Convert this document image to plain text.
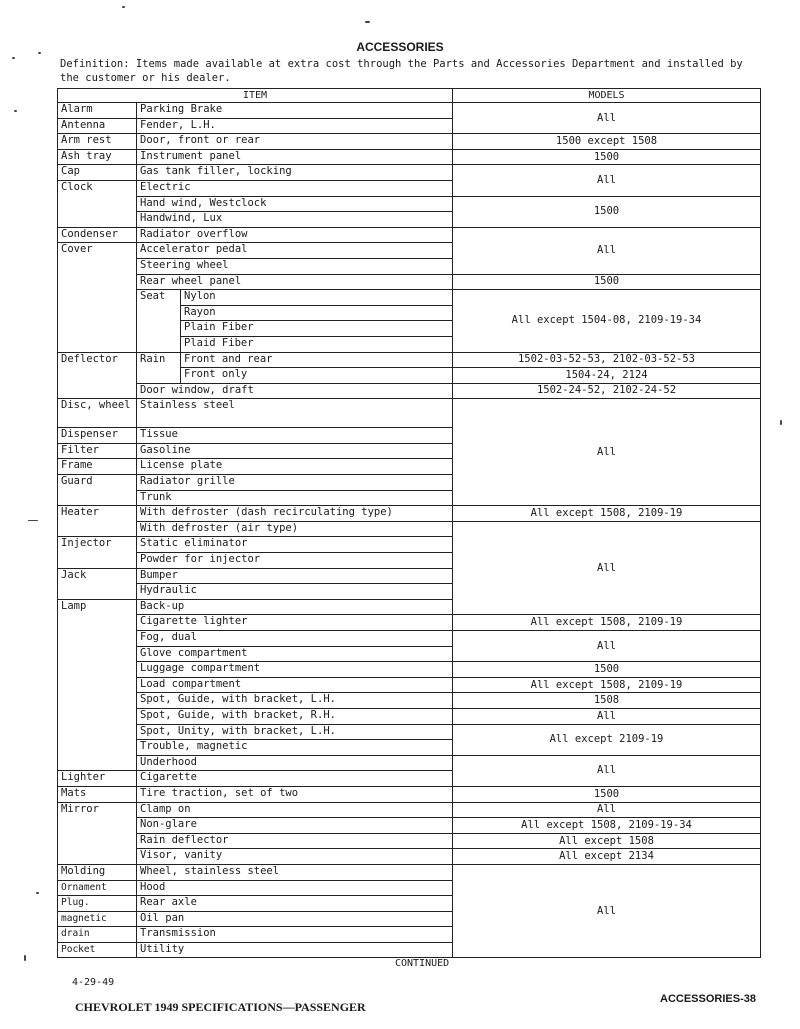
ACCESSORIES
Definition: Items made available at extra cost through the Parts and Accessories Department and installed by the customer or his dealer.
ITEM			MODELS
Alarm	Parking Brake		All
Antenna	Fender, L.H.		
Arm rest	Door, front or rear		1500 except 1508
Ash tray	Instrument panel		1500
Cap	Gas tank filler, locking		All
Clock	Electric		
	Hand wind, Westclock		1500
	Handwind, Lux		
Condenser	Radiator overflow		All
Cover	Accelerator pedal		
	Steering wheel		
	Rear wheel panel		1500
	Seat	Nylon	All except 1504-08, 2109-19-34
		Rayon	
		Plain Fiber	
		Plaid Fiber	
Deflector	Rain	Front and rear	1502-03-52-53, 2102-03-52-53
		Front only	1504-24, 2124
	Door window, draft		1502-24-52, 2102-24-52
Disc, wheel	Stainless steel		All
Dispenser	Tissue		
Filter	Gasoline		
Frame	License plate		
Guard	Radiator grille		
	Trunk		
Heater	With defroster (dash recirculating type)		All except 1508, 2109-19
	With defroster (air type)		All
Injector	Static eliminator		
	Powder for injector		
Jack	Bumper		
	Hydraulic		
Lamp	Back-up		
	Cigarette lighter		All except 1508, 2109-19
	Fog, dual		All
	Glove compartment		
	Luggage compartment		1500
	Load compartment		All except 1508, 2109-19
	Spot, Guide, with bracket, L.H.		1508
	Spot, Guide, with bracket, R.H.		All
	Spot, Unity, with bracket, L.H.		All except 2109-19
	Trouble, magnetic		
	Underhood		All
Lighter	Cigarette		
Mats	Tire traction, set of two		1500
Mirror	Clamp on		All
	Non-glare		All except 1508, 2109-19-34
	Rain deflector		All except 1508
	Visor, vanity		All except 2134
Molding	Wheel, stainless steel		All
Ornament	Hood		
Plug.	Rear axle		
magnetic	Oil pan		
drain	Transmission		
Pocket	Utility		
CONTINUED
4-29-49
CHEVROLET 1949 SPECIFICATIONS—PASSENGER
ACCESSORIES-38
